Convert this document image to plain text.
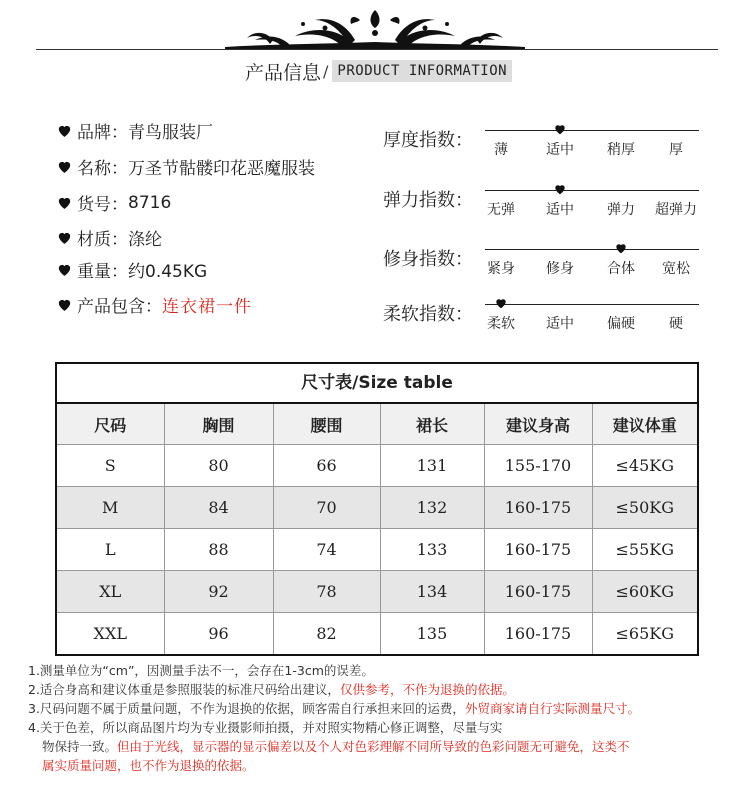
产品信息 / PRODUCT INFORMATION
品牌： 青鸟服装厂
名称： 万圣节骷髅印花恶魔服装
货号： 8716
材质： 涤纶
重量： 约0.45KG
产品包含： 连衣裙一件
厚度指数： 薄	适中 稍厚 厚
弹力指数： 无弹 适中 弹力 超弹力
修身指数： 紧身 修身 合体 宽松
柔软指数： 柔软 适中 偏硬 硬
尺寸表/Size table
尺码	胸围	腰围	裙长	建议身高	建议体重
S	80	66	131	155-170	≤45KG
M	84	70	132	160-175	≤50KG
L	88	74	133	160-175	≤55KG
XL	92	78	134	160-175	≤60KG
XXL	96	82	135	160-175	≤65KG
1.测量单位为“cm”，因测量手法不一，会存在1-3cm的误差。
2.适合身高和建议体重是参照服装的标准尺码给出建议，仅供参考，不作为退换的依据。
3.尺码问题不属于质量问题，不作为退换的依据，顾客需自行承担来回的运费，外贸商家请自行实际测量尺寸。
4.关于色差，所以商品图片均为专业摄影师拍摄，并对照实物精心修正调整，尽量与实
物保持一致。但由于光线，显示器的显示偏差以及个人对色彩理解不同所导致的色彩问题无可避免，这类不
属实质量问题，也不作为退换的依据。
